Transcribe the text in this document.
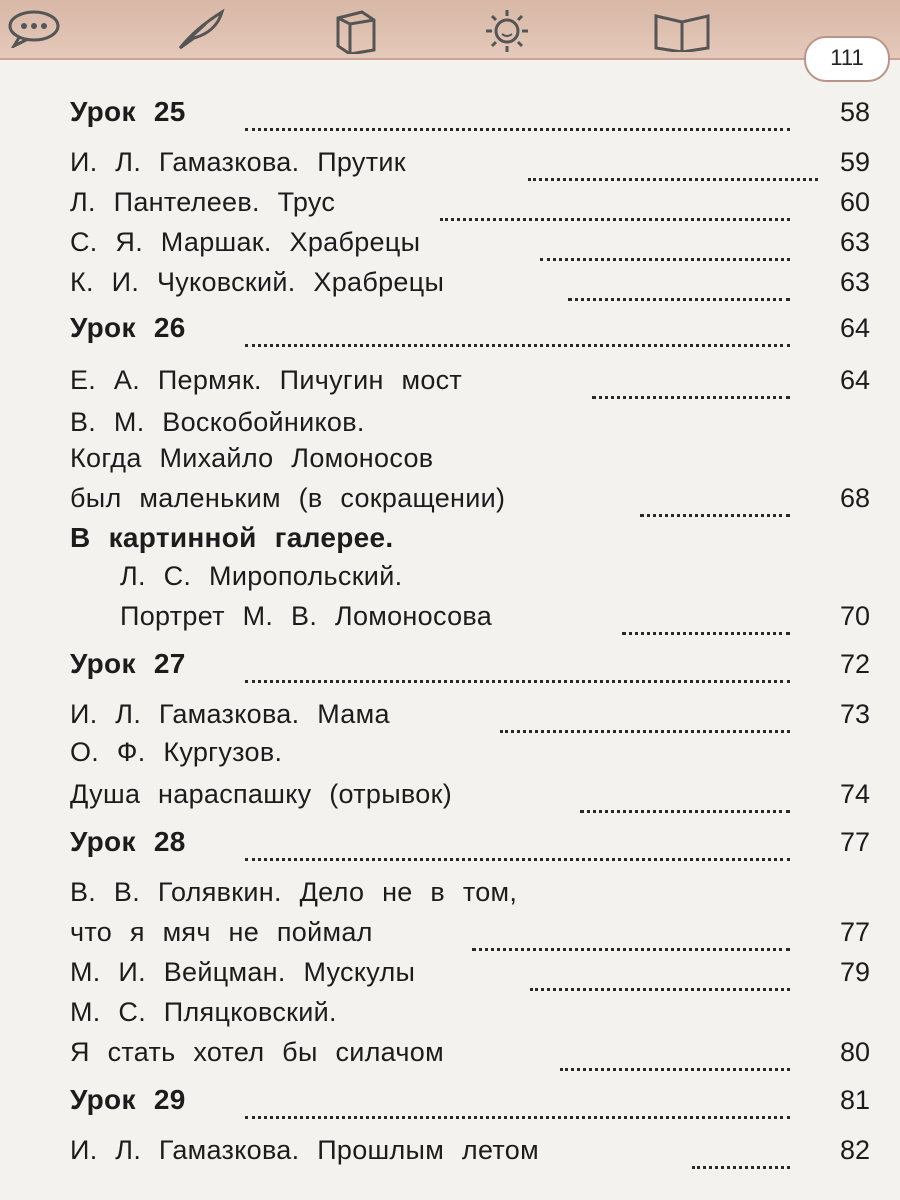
111
Урок 25	58
И. Л. Гамазкова. Прутик	59
Л. Пантелеев. Трус	60
С. Я. Маршак. Храбрецы	63
К. И. Чуковский. Храбрецы	63
Урок 26	64
Е. А. Пермяк. Пичугин мост	64
В. М. Воскобойников.
Когда Михайло Ломоносов
был маленьким (в сокращении)	68
В картинной галерее.
Л. С. Миропольский.
Портрет М. В. Ломоносова	70
Урок 27	72
И. Л. Гамазкова. Мама	73
О. Ф. Кургузов.
Душа нараспашку (отрывок)	74
Урок 28	77
В. В. Голявкин. Дело не в том,
что я мяч не поймал	77
М. И. Вейцман. Мускулы	79
М. С. Пляцковский.
Я стать хотел бы силачом	80
Урок 29	81
И. Л. Гамазкова. Прошлым летом	82
